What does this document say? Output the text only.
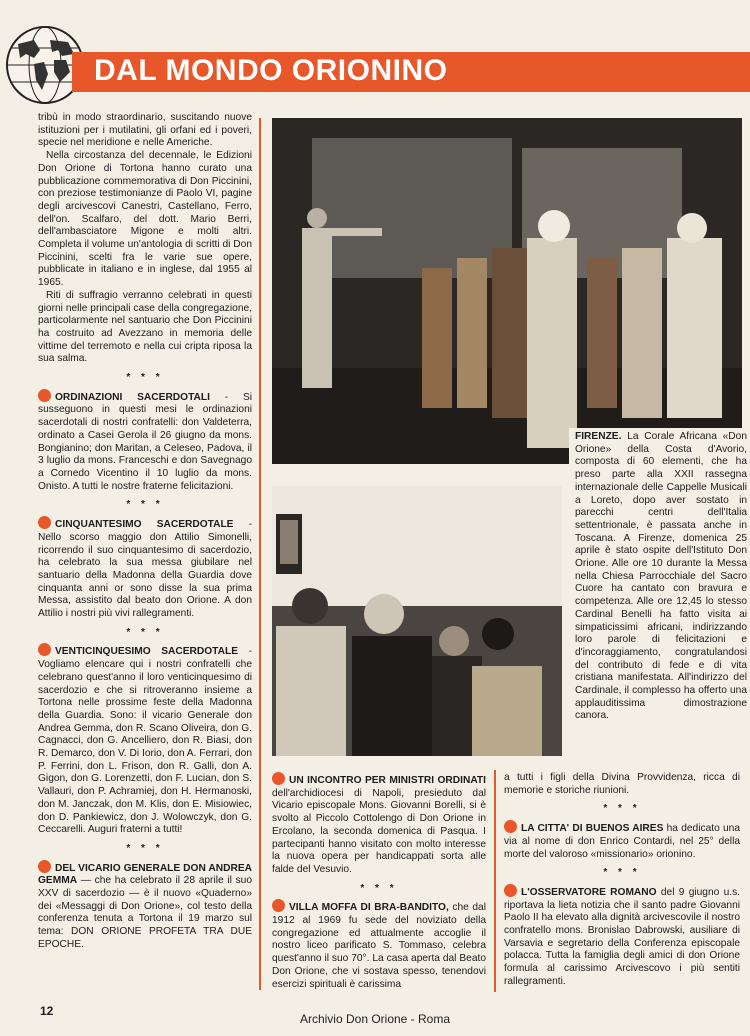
DAL MONDO ORIONINO

tribù in modo straordinario, suscitando nuove istituzioni per i mutilatini, gli orfani ed i poveri, specie nel meridione e nelle Americhe.

Nella circostanza del decennale, le Edizioni Don Orione di Tortona hanno curato una pubblicazione commemorativa di Don Piccinini, con preziose testimonianze di Paolo VI, pagine degli arcivescovi Canestri, Castellano, Ferro, dell'on. Scalfaro, del dott. Mario Berri, dell'ambasciatore Migone e molti altri. Completa il volume un'antologia di scritti di Don Piccinini, scelti fra le varie sue opere, pubblicate in italiano e in inglese, dal 1955 al 1965.

Riti di suffragio verranno celebrati in questi giorni nelle principali case della congregazione, particolarmente nel santuario che Don Piccinini ha costruito ad Avezzano in memoria delle vittime del terremoto e nella cui cripta riposa la sua salma.

* * *

ORDINAZIONI SACERDOTALI - Si susseguono in questi mesi le ordinazioni sacerdotali di nostri confratelli: don Valdeterra, ordinato a Casei Gerola il 26 giugno da mons. Bongianino; don Maritan, a Celeseo, Padova, il 3 luglio da mons. Franceschi e don Savegnago a Cornedo Vicentino il 10 luglio da mons. Onisto. A tutti le nostre fraterne felicitazioni.

* * *

CINQUANTESIMO SACERDOTALE - Nello scorso maggio don Attilio Simonelli, ricorrendo il suo cinquantesimo di sacerdozio, ha celebrato la sua messa giubilare nel santuario della Madonna della Guardia dove cinquanta anni or sono disse la sua prima Messa, assistito dal beato don Orione. A don Attilio i nostri più vivi rallegramenti.

* * *

VENTICINQUESIMO SACERDOTALE - Vogliamo elencare qui i nostri confratelli che celebrano quest'anno il loro venticinquesimo di sacerdozio e che si ritroveranno insieme a Tortona nelle prossime feste della Madonna della Guardia. Sono: il vicario Generale don Andrea Gemma, don R. Scano Oliveira, don G. Cagnacci, don G. Ancelliero, don R. Biasi, don R. Demarco, don V. Di Iorio, don A. Ferrari, don P. Ferrini, don L. Frison, don R. Galli, don A. Gigon, don G. Lorenzetti, don F. Lucian, don S. Vallauri, don P. Achramiej, don H. Hermanoski, don M. Janczak, don M. Klis, don E. Misiowiec, don D. Pankiewicz, don J. Wolowczyk, don G. Ceccarelli. Auguri fraterni a tutti!

* * *

DEL VICARIO GENERALE DON ANDREA GEMMA — che ha celebrato il 28 aprile il suo XXV di sacerdozio — è il nuovo «Quaderno» dei «Messaggi di Don Orione», col testo della conferenza tenuta a Tortona il 19 marzo sul tema: DON ORIONE PROFETA TRA DUE EPOCHE.

FIRENZE. La Corale Africana «Don Orione» della Costa d'Avorio, composta di 60 elementi, che ha preso parte alla XXII rassegna internazionale delle Cappelle Musicali a Loreto, dopo aver sostato in parecchi centri dell'Italia settentrionale, è passata anche in Toscana. A Firenze, domenica 25 aprile è stato ospite dell'Istituto Don Orione. Alle ore 10 durante la Messa nella Chiesa Parrocchiale del Sacro Cuore ha cantato con bravura e competenza. Alle ore 12,45 lo stesso Cardinal Benelli ha fatto visita ai simpaticissimi africani, indirizzando loro parole di felicitazioni e d'incoraggiamento, congratulandosi del contributo di fede e di vita cristiana manifestata. All'indirizzo del Cardinale, il complesso ha offerto una applauditissima dimostrazione canora.

UN INCONTRO PER MINISTRI ORDINATI dell'archidiocesi di Napoli, presieduto dal Vicario episcopale Mons. Giovanni Borelli, si è svolto al Piccolo Cottolengo di Don Orione in Ercolano, la seconda domenica di Pasqua. I partecipanti hanno visitato con molto interesse la nuova opera per handicappati sorta alle falde del Vesuvio.

* * *

VILLA MOFFA DI BRA-BANDITO, che dal 1912 al 1969 fu sede del noviziato della congregazione ed attualmente accoglie il nostro liceo parificato S. Tommaso, celebra quest'anno il suo 70°. La casa aperta dal Beato Don Orione, che vi sostava spesso, tenendovi esercizi spirituali è carissima

a tutti i figli della Divina Provvidenza, ricca di memorie e storiche riunioni.

* * *

LA CITTA' DI BUENOS AIRES ha dedicato una via al nome di don Enrico Contardi, nel 25° della morte del valoroso «missionario» orionino.

* * *

L'OSSERVATORE ROMANO del 9 giugno u.s. riportava la lieta notizia che il santo padre Giovanni Paolo II ha elevato alla dignità arcivescovile il nostro confratello mons. Bronislao Dabrowski, ausiliare di Varsavia e segretario della Conferenza episcopale polacca. Tutta la famiglia degli amici di don Orione formula al carissimo Arcivescovo i più sentiti rallegramenti.

12
Archivio Don Orione - Roma
